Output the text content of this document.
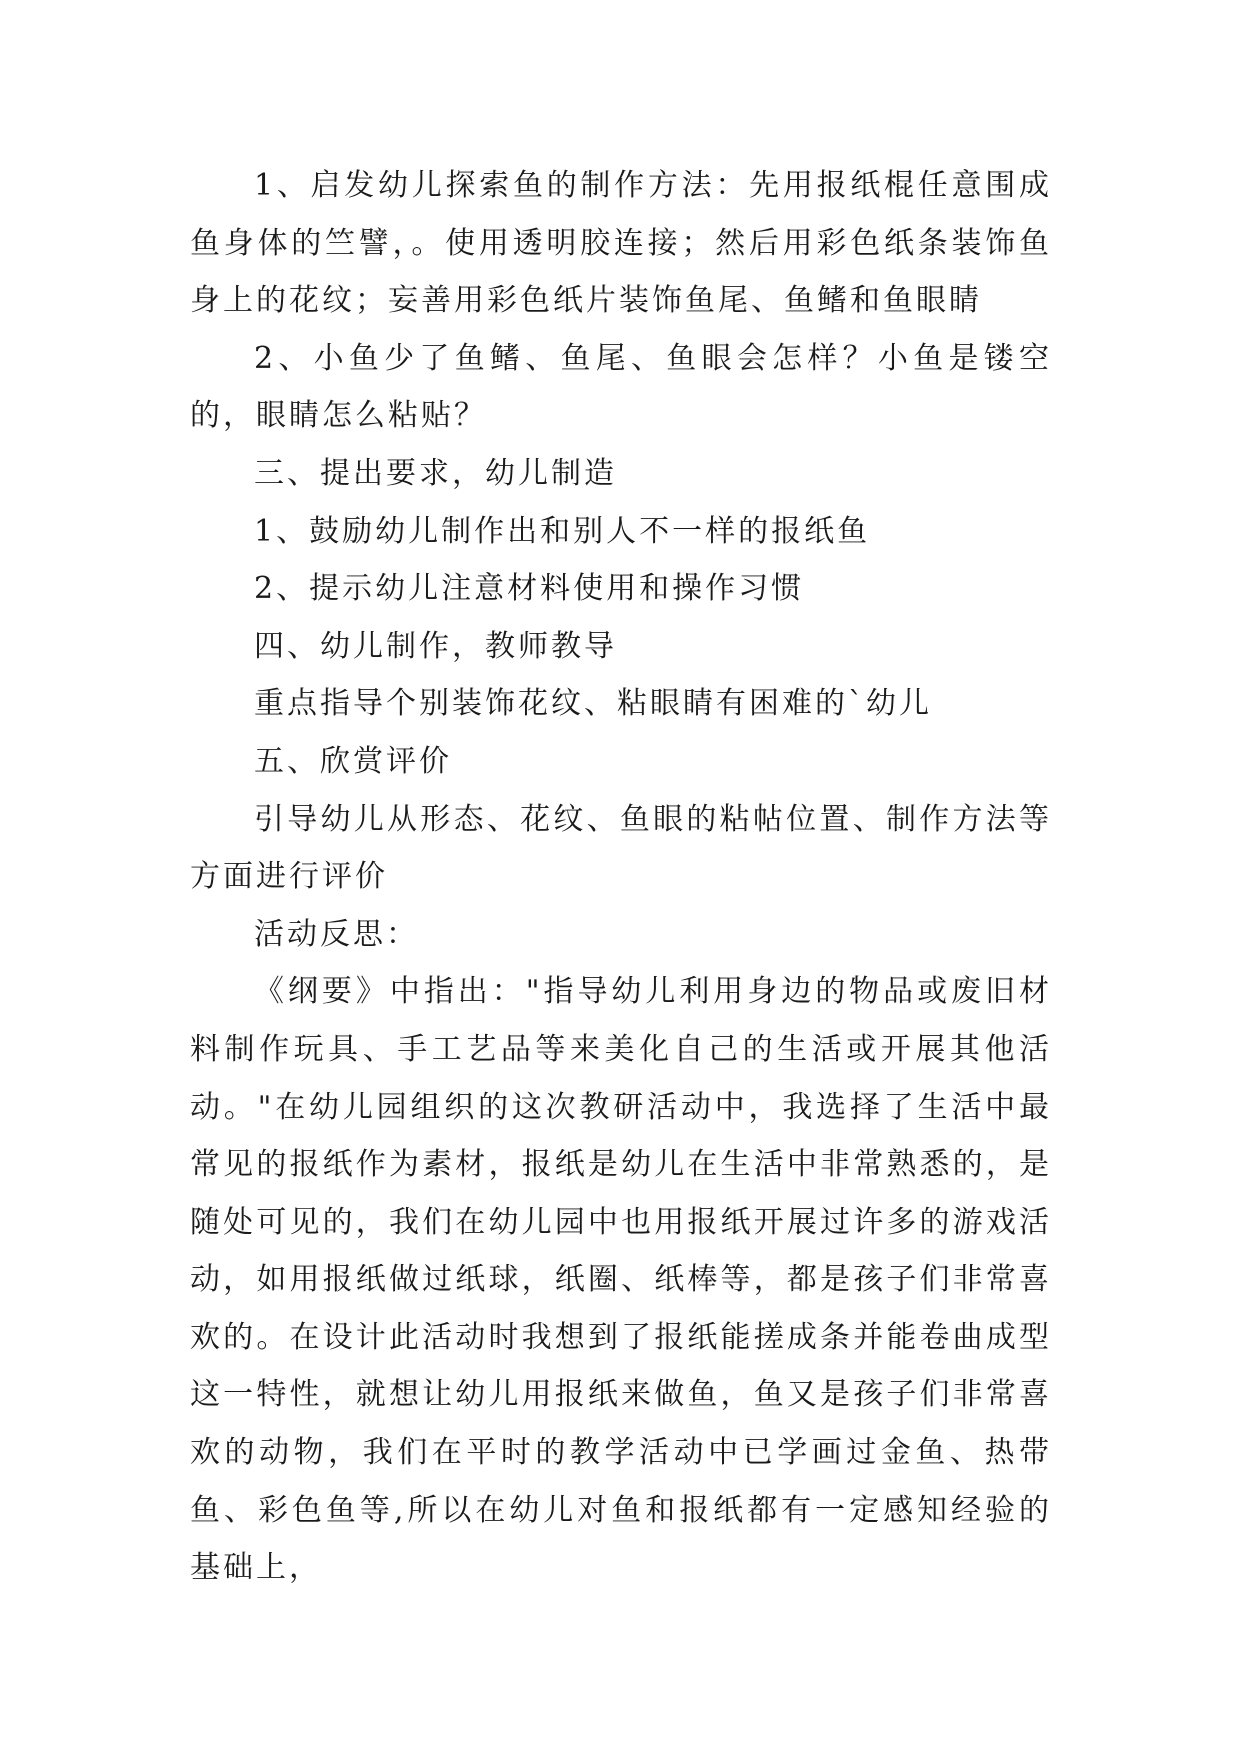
1、启发幼儿探索鱼的制作方法：先用报纸棍任意围成鱼身体的竺譬，。使用透明胶连接；然后用彩色纸条装饰鱼身上的花纹；妄善用彩色纸片装饰鱼尾、鱼鳍和鱼眼睛

2、小鱼少了鱼鳍、鱼尾、鱼眼会怎样？小鱼是镂空的，眼睛怎么粘贴？

三、提出要求，幼儿制造

1、鼓励幼儿制作出和别人不一样的报纸鱼

2、提示幼儿注意材料使用和操作习惯

四、幼儿制作，教师教导

重点指导个别装饰花纹、粘眼睛有困难的`幼儿

五、欣赏评价

引导幼儿从形态、花纹、鱼眼的粘帖位置、制作方法等方面进行评价

活动反思：

《纲要》中指出："指导幼儿利用身边的物品或废旧材料制作玩具、手工艺品等来美化自己的生活或开展其他活动。"在幼儿园组织的这次教研活动中，我选择了生活中最常见的报纸作为素材，报纸是幼儿在生活中非常熟悉的，是随处可见的，我们在幼儿园中也用报纸开展过许多的游戏活动，如用报纸做过纸球，纸圈、纸棒等，都是孩子们非常喜欢的。在设计此活动时我想到了报纸能搓成条并能卷曲成型这一特性，就想让幼儿用报纸来做鱼，鱼又是孩子们非常喜欢的动物，我们在平时的教学活动中已学画过金鱼、热带鱼、彩色鱼等,所以在幼儿对鱼和报纸都有一定感知经验的基础上，
